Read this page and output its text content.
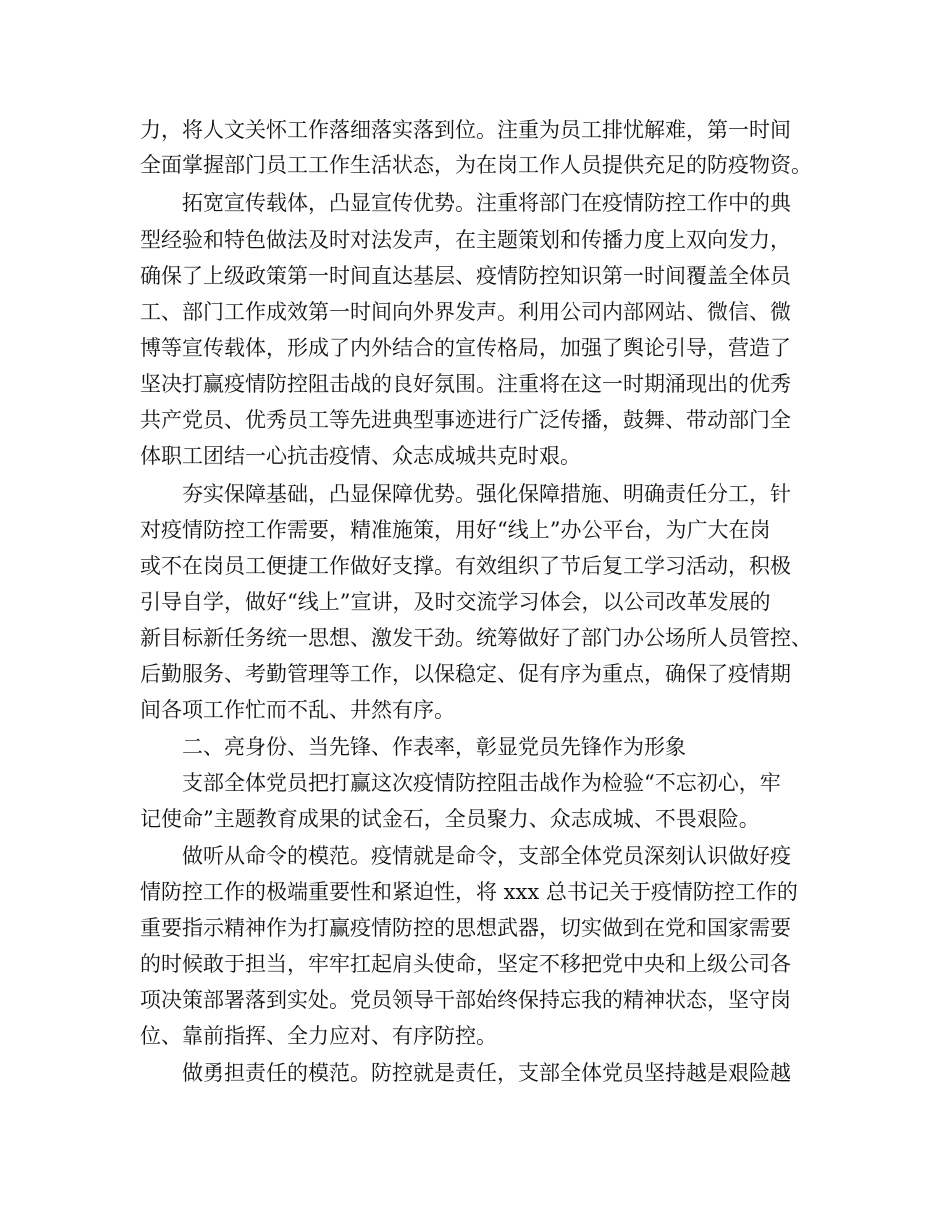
力，将人文关怀工作落细落实落到位。注重为员工排忧解难，第一时间
全面掌握部门员工工作生活状态，为在岗工作人员提供充足的防疫物资。
拓宽宣传载体，凸显宣传优势。注重将部门在疫情防控工作中的典
型经验和特色做法及时对法发声，在主题策划和传播力度上双向发力，
确保了上级政策第一时间直达基层、疫情防控知识第一时间覆盖全体员
工、部门工作成效第一时间向外界发声。利用公司内部网站、微信、微
博等宣传载体，形成了内外结合的宣传格局，加强了舆论引导，营造了
坚决打赢疫情防控阻击战的良好氛围。注重将在这一时期涌现出的优秀
共产党员、优秀员工等先进典型事迹进行广泛传播，鼓舞、带动部门全
体职工团结一心抗击疫情、众志成城共克时艰。
夯实保障基础，凸显保障优势。强化保障措施、明确责任分工，针
对疫情防控工作需要，精准施策，用好“线上”办公平台，为广大在岗
或不在岗员工便捷工作做好支撑。有效组织了节后复工学习活动，积极
引导自学，做好“线上”宣讲，及时交流学习体会，以公司改革发展的
新目标新任务统一思想、激发干劲。统筹做好了部门办公场所人员管控、
后勤服务、考勤管理等工作，以保稳定、促有序为重点，确保了疫情期
间各项工作忙而不乱、井然有序。
二、亮身份、当先锋、作表率，彰显党员先锋作为形象
支部全体党员把打赢这次疫情防控阻击战作为检验“不忘初心，牢
记使命”主题教育成果的试金石，全员聚力、众志成城、不畏艰险。
做听从命令的模范。疫情就是命令，支部全体党员深刻认识做好疫
情防控工作的极端重要性和紧迫性，将 xxx 总书记关于疫情防控工作的
重要指示精神作为打赢疫情防控的思想武器，切实做到在党和国家需要
的时候敢于担当，牢牢扛起肩头使命，坚定不移把党中央和上级公司各
项决策部署落到实处。党员领导干部始终保持忘我的精神状态，坚守岗
位、靠前指挥、全力应对、有序防控。
做勇担责任的模范。防控就是责任，支部全体党员坚持越是艰险越
